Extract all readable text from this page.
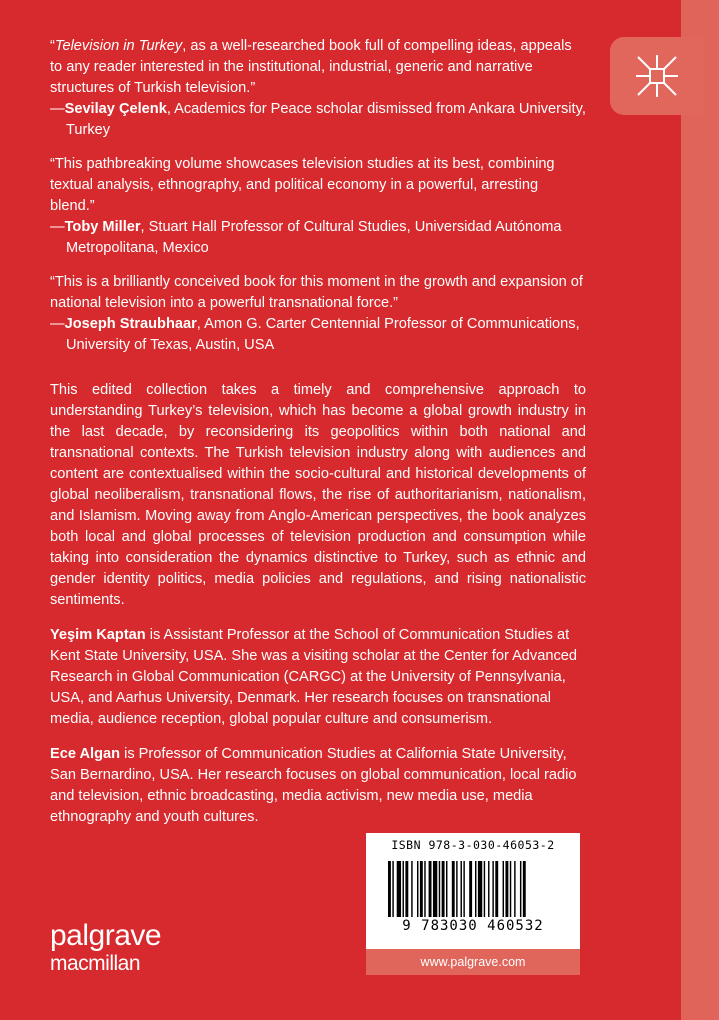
“Television in Turkey, as a well-researched book full of compelling ideas, appeals to any reader interested in the institutional, industrial, generic and narrative structures of Turkish television.”

—Sevilay Çelenk, Academics for Peace scholar dismissed from Ankara University, Turkey

“This pathbreaking volume showcases television studies at its best, combining textual analysis, ethnography, and political economy in a powerful, arresting blend.”

—Toby Miller, Stuart Hall Professor of Cultural Studies, Universidad Autónoma Metropolitana, Mexico

“This is a brilliantly conceived book for this moment in the growth and expansion of national television into a powerful transnational force.”

—Joseph Straubhaar, Amon G. Carter Centennial Professor of Communications, University of Texas, Austin, USA

This edited collection takes a timely and comprehensive approach to understanding Turkey’s television, which has become a global growth industry in the last decade, by reconsidering its geopolitics within both national and transnational contexts. The Turkish television industry along with audiences and content are contextualised within the socio-cultural and historical developments of global neoliberalism, transnational flows, the rise of authoritarianism, nationalism, and Islamism. Moving away from Anglo-American perspectives, the book analyzes both local and global processes of television production and consumption while taking into consideration the dynamics distinctive to Turkey, such as ethnic and gender identity politics, media policies and regulations, and rising nationalistic sentiments.
Yeşim Kaptan is Assistant Professor at the School of Communication Studies at Kent State University, USA. She was a visiting scholar at the Center for Advanced Research in Global Communication (CARGC) at the University of Pennsylvania, USA, and Aarhus University, Denmark. Her research focuses on transnational media, audience reception, global popular culture and consumerism.
Ece Algan is Professor of Communication Studies at California State University, San Bernardino, USA. Her research focuses on global communication, local radio and television, ethnic broadcasting, media activism, new media use, media ethnography and youth cultures.
ISBN 978-3-030-46053-2
9 783030 460532
www.palgrave.com
palgrave
macmillan
